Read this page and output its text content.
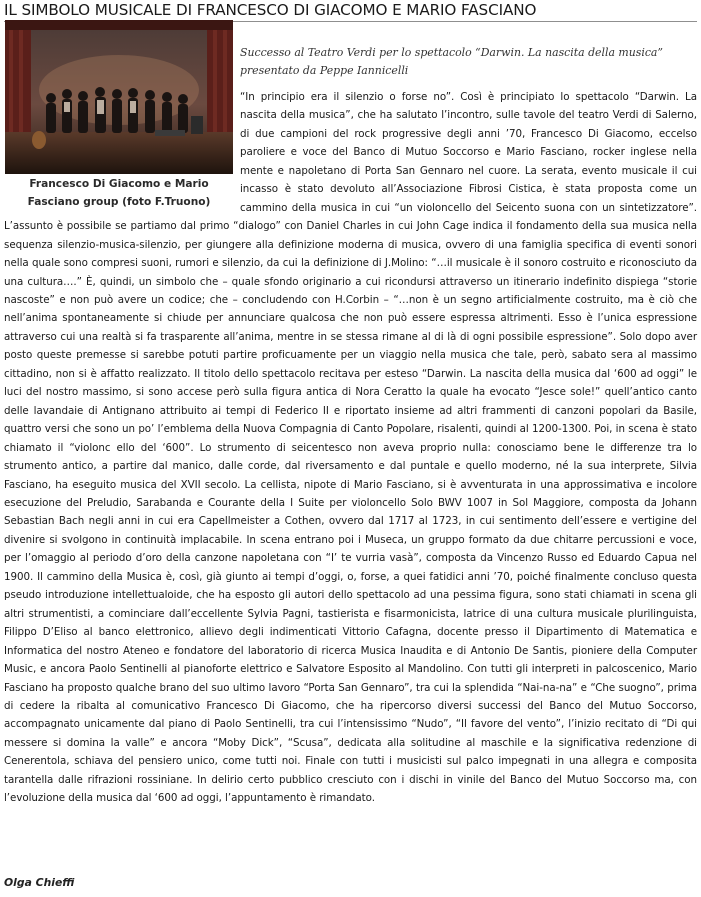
IL SIMBOLO MUSICALE DI FRANCESCO DI GIACOMO E MARIO FASCIANO
Francesco Di Giacomo e Mario
Fasciano group (foto F.Truono)
Successo al Teatro Verdi per lo spettacolo “Darwin. La nascita della musica” presentato da Peppe Iannicelli

“In principio era il silenzio o forse no”. Così è principiato lo spettacolo “Darwin. La nascita della musica”, che ha salutato l’incontro, sulle tavole del teatro Verdi di Salerno, di due campioni del rock progressive degli anni ’70, Francesco Di Giacomo, eccelso paroliere e voce del Banco di Mutuo Soccorso e Mario Fasciano, rocker inglese nella mente e napoletano di Porta San Gennaro nel cuore. La serata, evento musicale il cui incasso è stato devoluto all’Associazione Fibrosi Cistica, è stata proposta come un cammino della musica in cui “un violoncello del Seicento suona con un sintetizzatore”. L’assunto è possibile se partiamo dal primo “dialogo” con Daniel Charles in cui John Cage indica il fondamento della sua musica nella sequenza silenzio-musica-silenzio, per giungere alla definizione moderna di musica, ovvero di una famiglia specifica di eventi sonori nella quale sono compresi suoni, rumori e silenzio, da cui la definizione di J.Molino: “…il musicale è il sonoro costruito e riconosciuto da una cultura….” È, quindi, un simbolo che – quale sfondo originario a cui ricondursi attraverso un itinerario indefinito dispiega “storie nascoste” e non può avere un codice; che – concludendo con H.Corbin – “…non è un segno artificialmente costruito, ma è ciò che nell’anima spontaneamente si chiude per annunciare qualcosa che non può essere espressa altrimenti. Esso è l’unica espressione attraverso cui una realtà si fa trasparente all’anima, mentre in se stessa rimane al di là di ogni possibile espressione”. Solo dopo aver posto queste premesse si sarebbe potuti partire proficuamente per un viaggio nella musica che tale, però, sabato sera al massimo cittadino, non si è affatto realizzato. Il titolo dello spettacolo recitava per esteso “Darwin. La nascita della musica dal ‘600 ad oggi” le luci del nostro massimo, si sono accese però sulla figura antica di Nora Ceratto la quale ha evocato “Jesce sole!” quell’antico canto delle lavandaie di Antignano attribuito ai tempi di Federico II e riportato insieme ad altri frammenti di canzoni popolari da Basile, quattro versi che sono un po’ l’emblema della Nuova Compagnia di Canto Popolare, risalenti, quindi al 1200-1300. Poi, in scena è stato chiamato il “violonc ello del ‘600”. Lo strumento di seicentesco non aveva proprio nulla: conosciamo bene le differenze tra lo strumento antico, a partire dal manico, dalle corde, dal riversamento e dal puntale e quello moderno, né la sua interprete, Silvia Fasciano, ha eseguito musica del XVII secolo. La cellista, nipote di Mario Fasciano, si è avventurata in una approssimativa e incolore esecuzione del Preludio, Sarabanda e Courante della I Suite per violoncello Solo BWV 1007 in Sol Maggiore, composta da Johann Sebastian Bach negli anni in cui era Capellmeister a Cothen, ovvero dal 1717 al 1723, in cui sentimento dell’essere e vertigine del divenire si svolgono in continuità implacabile. In scena entrano poi i Museca, un gruppo formato da due chitarre percussioni e voce, per l’omaggio al periodo d’oro della canzone napoletana con “I’ te vurria vasà”, composta da Vincenzo Russo ed Eduardo Capua nel 1900. Il cammino della Musica è, così, già giunto ai tempi d’oggi, o, forse, a quei fatidici anni ’70, poiché finalmente concluso questa pseudo introduzione intellettualoide, che ha esposto gli autori dello spettacolo ad una pessima figura, sono stati chiamati in scena gli altri strumentisti, a cominciare dall’eccellente Sylvia Pagni, tastierista e fisarmonicista, latrice di una cultura musicale plurilinguista, Filippo D’Eliso al banco elettronico, allievo degli indimenticati Vittorio Cafagna, docente presso il Dipartimento di Matematica e Informatica del nostro Ateneo e fondatore del laboratorio di ricerca Musica Inaudita e di Antonio De Santis, pioniere della Computer Music, e ancora Paolo Sentinelli al pianoforte elettrico e Salvatore Esposito al Mandolino. Con tutti gli interpreti in palcoscenico, Mario Fasciano ha proposto qualche brano del suo ultimo lavoro “Porta San Gennaro”, tra cui la splendida “Nai-na-na” e “Che suogno”, prima di cedere la ribalta al comunicativo Francesco Di Giacomo, che ha ripercorso diversi successi del Banco del Mutuo Soccorso, accompagnato unicamente dal piano di Paolo Sentinelli, tra cui l’intensissimo “Nudo”, “Il favore del vento”, l’inizio recitato di “Di qui messere si domina la valle” e ancora “Moby Dick”, “Scusa”, dedicata alla solitudine al maschile e la significativa redenzione di Cenerentola, schiava del pensiero unico, come tutti noi. Finale con tutti i musicisti sul palco impegnati in una allegra e composita tarantella dalle rifrazioni rossiniane. In delirio certo pubblico cresciuto con i dischi in vinile del Banco del Mutuo Soccorso ma, con l’evoluzione della musica dal ‘600 ad oggi, l’appuntamento è rimandato.

Olga Chieffi
